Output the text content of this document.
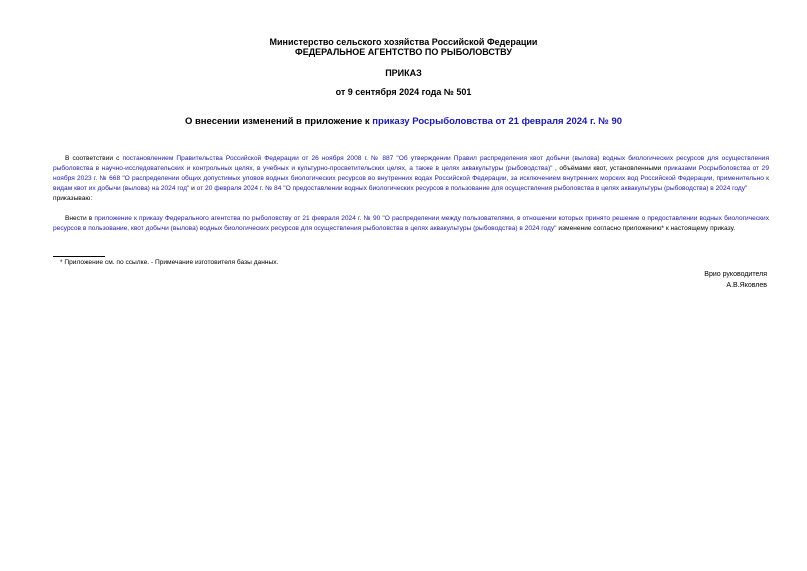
Министерство сельского хозяйства Российской Федерации
ФЕДЕРАЛЬНОЕ АГЕНТСТВО ПО РЫБОЛОВСТВУ
ПРИКАЗ
от 9 сентября 2024 года № 501
О внесении изменений в приложение к приказу Росрыболовства от 21 февраля 2024 г. № 90
В соответствии с постановлением Правительства Российской Федерации от 26 ноября 2008 г. № 887 "Об утверждении Правил распределения квот добычи (вылова) водных биологических ресурсов для осуществления рыболовства в научно-исследовательских и контрольных целях, в учебных и культурно-просветительских целях, а также в целях аквакультуры (рыбоводства)" , объёмами квот, установленными приказами Росрыболовства от 29 ноября 2023 г. № 668 "О распределении общих допустимых уловов водных биологических ресурсов во внутренних водах Российской Федерации, за исключением внутренних морских вод Российской Федерации, применительно к видам квот их добычи (вылова) на 2024 год" и от 20 февраля 2024 г. № 84 "О предоставлении водных биологических ресурсов в пользование для осуществления рыболовства в целях аквакультуры (рыбоводства) в 2024 году"
приказываю:
Внести в приложение к приказу Федерального агентства по рыболовству от 21 февраля 2024 г. № 90 "О распределении между пользователями, в отношении которых принято решение о предоставлении водных биологических ресурсов в пользование, квот добычи (вылова) водных биологических ресурсов для осуществления рыболовства в целях аквакультуры (рыбоводства) в 2024 году" изменение согласно приложению* к настоящему приказу.
* Приложение см. по ссылке. - Примечание изготовителя базы данных.
Врио руководителя
А.В.Яковлев
